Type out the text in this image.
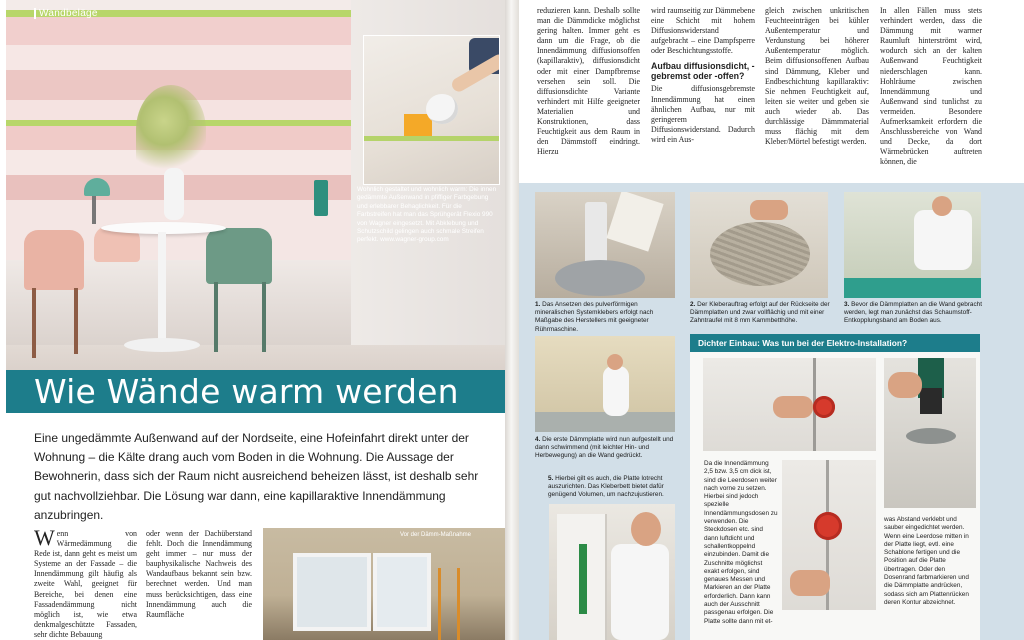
Wandbeläge
Wohnlich gestaltet und wohnlich warm: Die innen gedämmte Außenwand in pfiffiger Farbgebung und erlebbarer Behaglichkeit. Für die Farbstreifen hat man das Sprühgerät Flexio 990 von Wagner eingesetzt. Mit Abklebung und Schutzschild gelingen auch schmale Streifen perfekt. www.wagner-group.com
Wie Wände warm werden
Eine ungedämmte Außenwand auf der Nordseite, eine Hofeinfahrt direkt unter der Wohnung – die Kälte drang auch vom Boden in die Wohnung. Die Aussage der Bewohnerin, dass sich der Raum nicht ausreichend beheizen lässt, ist deshalb sehr gut nachvollziehbar. Die Lösung war dann, eine kapillaraktive Innendämmung anzubringen.
Wenn von Wärmedämmung die Rede ist, dann geht es meist um Systeme an der Fassade – die Innendämmung gilt häufig als zweite Wahl, geeignet für Bereiche, bei denen eine Fassadendämmung nicht möglich ist, wie etwa denkmalgeschützte Fassaden, sehr dichte Bebauung
oder wenn der Dachüberstand fehlt. Doch die Innendämmung geht immer – nur muss der bauphysikalische Nachweis des Wandaufbaus bekannt sein bzw. berechnet werden. Und man muss berücksichtigen, dass eine Innendämmung auch die Raumfläche
Vor der Dämm-Maßnahme
reduzieren kann. Deshalb sollte man die Dämmdicke möglichst gering halten. Immer geht es dann um die Frage, ob die Innendämmung diffusionsoffen (kapillaraktiv), diffusionsdicht oder mit einer Dampfbremse versehen sein soll. Die diffusionsdichte Variante verhindert mit Hilfe geeigneter Materialien und Konstruktionen, dass Feuchtigkeit aus dem Raum in den Dämmstoff eindringt. Hierzu
wird raumseitig zur Dämmebene eine Schicht mit hohem Diffusionswiderstand aufgebracht – eine Dampfsperre oder Beschichtungsstoffe.
Aufbau diffusionsdicht, -gebremst oder -offen?
Die diffusionsgebremste Innendämmung hat einen ähnlichen Aufbau, nur mit geringerem Diffusionswiderstand. Dadurch wird ein Aus-
gleich zwischen unkritischen Feuchteeinträgen bei kühler Außentemperatur und Verdunstung bei höherer Außentemperatur möglich. Beim diffusionsoffenen Aufbau sind Dämmung, Kleber und Endbeschichtung kapillaraktiv: Sie nehmen Feuchtigkeit auf, leiten sie weiter und geben sie auch wieder ab. Das durchlässige Dämmmaterial muss flächig mit dem Kleber/Mörtel befestigt werden.
In allen Fällen muss stets verhindert werden, dass die Dämmung mit warmer Raumluft hinterströmt wird, wodurch sich an der kalten Außenwand Feuchtigkeit niederschlagen kann. Hohlräume zwischen Innendämmung und Außenwand sind tunlichst zu vermeiden. Besondere Aufmerksamkeit erfordern die Anschlussbereiche von Wand und Decke, da dort Wärmebrücken auftreten können, die
1. Das Ansetzen des pulverförmigen mineralischen Systemklebers erfolgt nach Maßgabe des Herstellers mit geeigneter Rührmaschine.
2. Der Kleberauftrag erfolgt auf der Rückseite der Dämmplatten und zwar vollflächig und mit einer Zahntraufel mit 8 mm Kammbetthöhe.
3. Bevor die Dämmplatten an die Wand gebracht werden, legt man zunächst das Schaumstoff-Entkopplungsband am Boden aus.
4. Die erste Dämmplatte wird nun aufgestellt und dann schwimmend (mit leichter Hin- und Herbewegung) an die Wand gedrückt.
5. Hierbei gilt es auch, die Platte lotrecht auszurichten. Das Kleberbett bietet dafür genügend Volumen, um nachzujustieren.
Dichter Einbau: Was tun bei der Elektro-Installation?
Da die Innendämmung 2,5 bzw. 3,5 cm dick ist, sind die Leerdosen weiter nach vorne zu setzen. Hierbei sind jedoch spezielle Innendämmungsdosen zu verwenden. Die Steckdosen etc. sind dann luftdicht und schallentkoppelnd einzubinden. Damit die Zuschnitte möglichst exakt erfolgen, sind genaues Messen und Markieren an der Platte erforderlich. Dann kann auch der Ausschnitt passgenau erfolgen. Die Platte sollte dann mit et-
was Abstand verklebt und sauber eingedichtet werden. Wenn eine Leerdose mitten in der Platte liegt, evtl. eine Schablone fertigen und die Position auf die Platte übertragen. Oder den Dosenrand farbmarkieren und die Dämmplatte andrücken, sodass sich am Plattenrücken deren Kontur abzeichnet.
